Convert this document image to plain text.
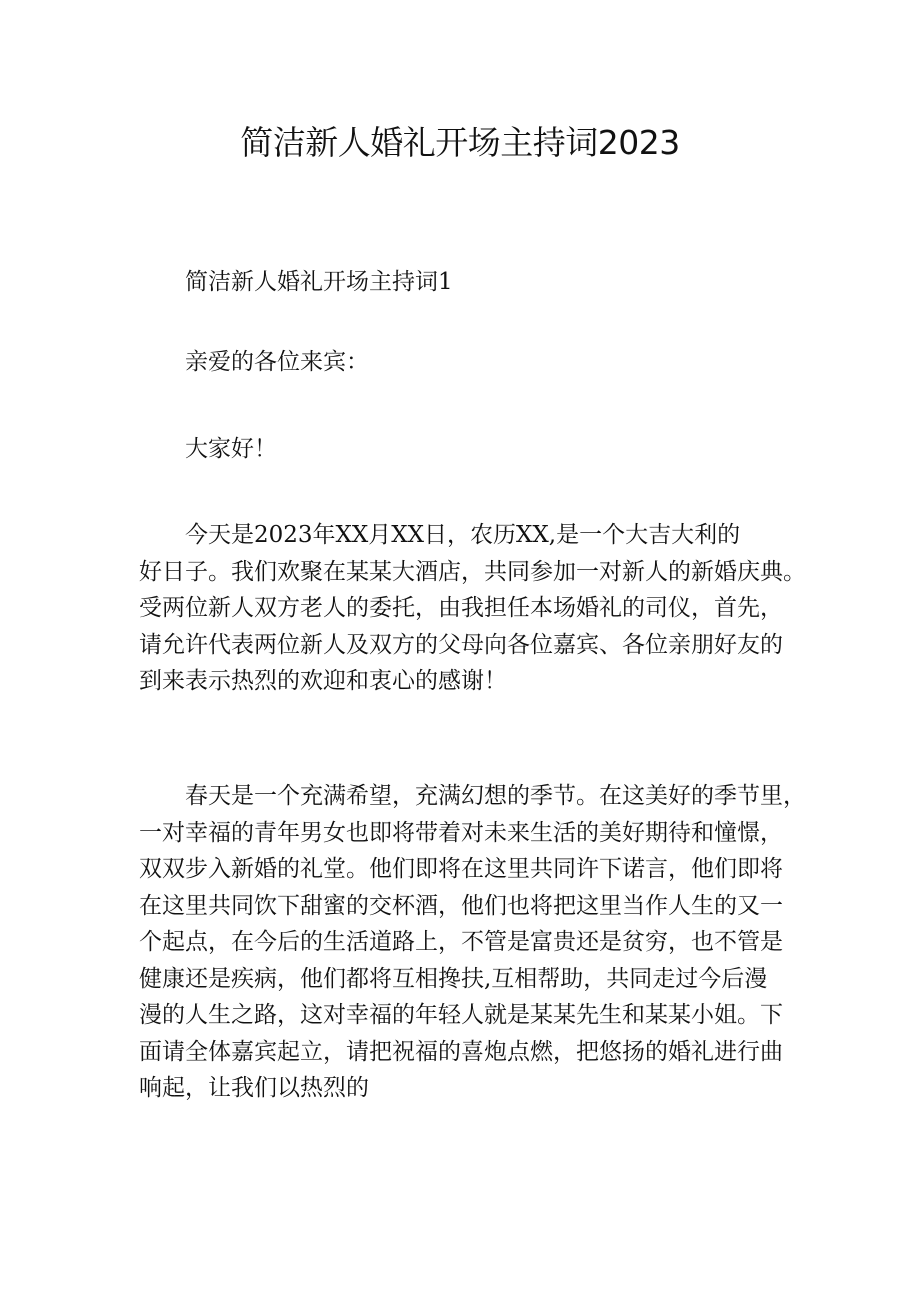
简洁新人婚礼开场主持词2023

简洁新人婚礼开场主持词1

亲爱的各位来宾：

大家好！

今天是2023年XX月XX日，农历XX,是一个大吉大利的
好日子。我们欢聚在某某大酒店，共同参加一对新人的新婚庆典。
受两位新人双方老人的委托，由我担任本场婚礼的司仪，首先，
请允许代表两位新人及双方的父母向各位嘉宾、各位亲朋好友的
到来表示热烈的欢迎和衷心的感谢！
春天是一个充满希望，充满幻想的季节。在这美好的季节里，
一对幸福的青年男女也即将带着对未来生活的美好期待和憧憬，
双双步入新婚的礼堂。他们即将在这里共同许下诺言，他们即将
在这里共同饮下甜蜜的交杯酒，他们也将把这里当作人生的又一
个起点，在今后的生活道路上，不管是富贵还是贫穷，也不管是
健康还是疾病，他们都将互相搀扶,互相帮助，共同走过今后漫
漫的人生之路，这对幸福的年轻人就是某某先生和某某小姐。下
面请全体嘉宾起立，请把祝福的喜炮点燃，把悠扬的婚礼进行曲
响起，让我们以热烈的
